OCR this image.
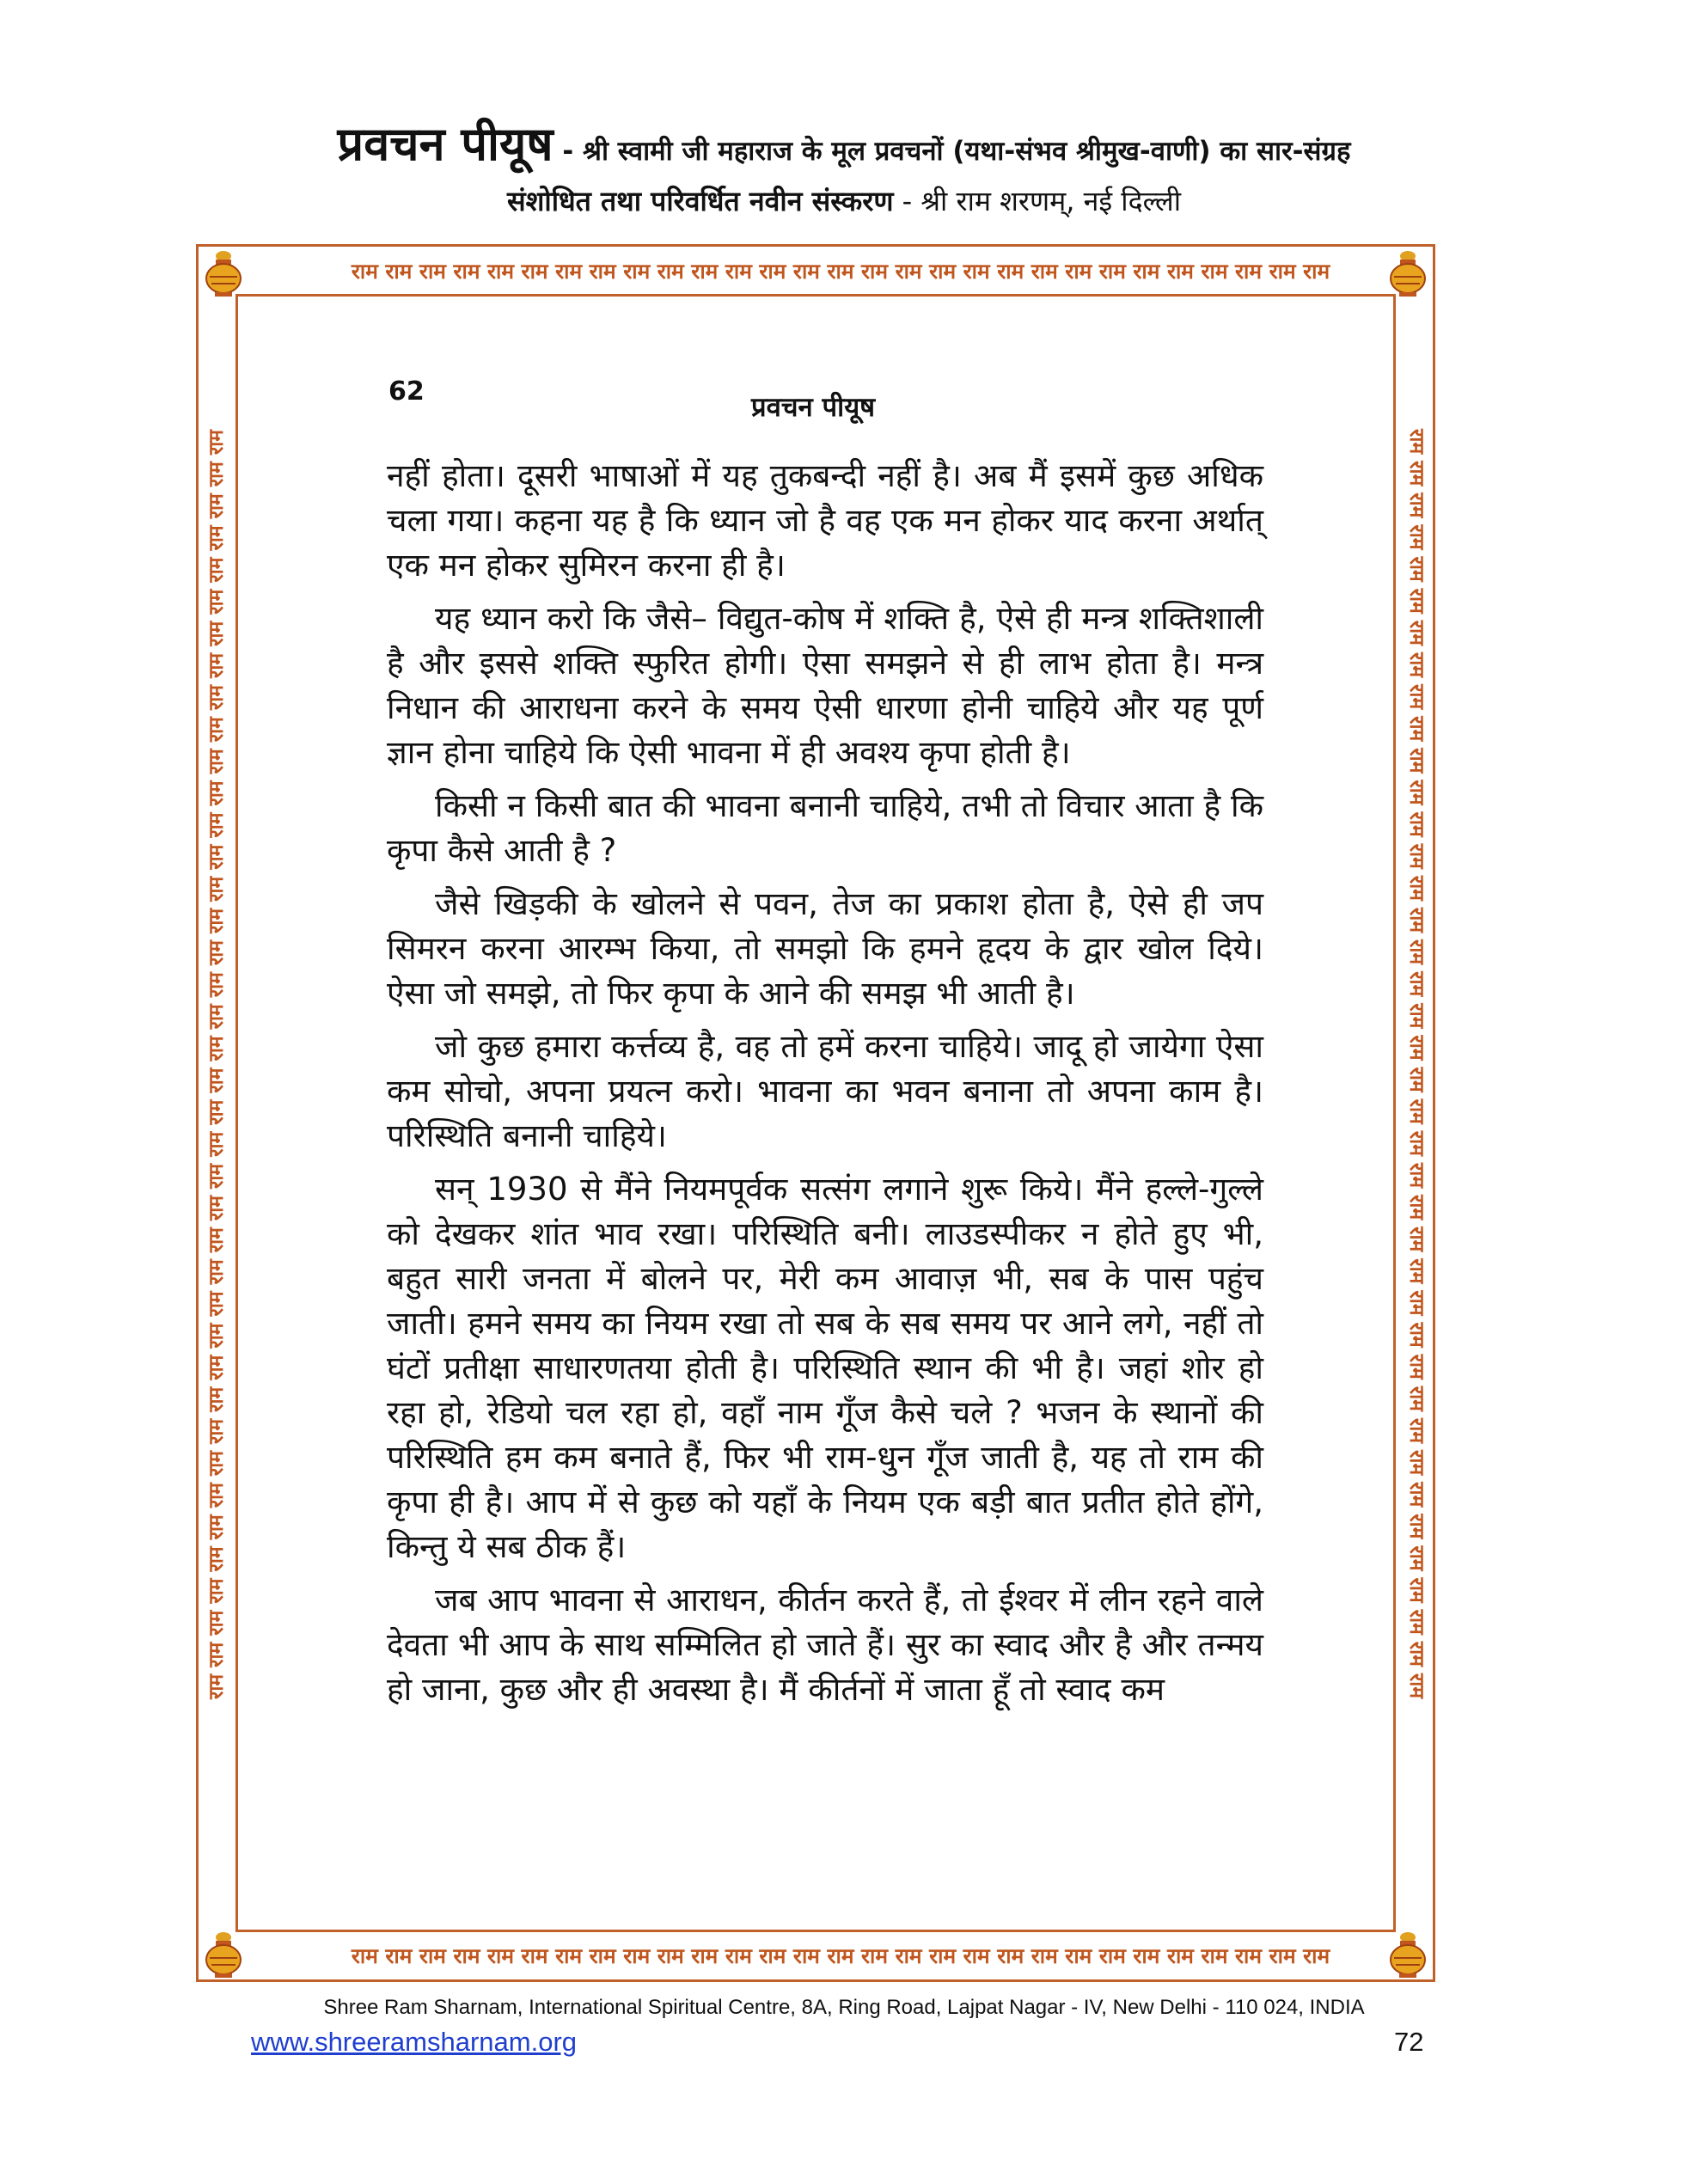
प्रवचन पीयूष - श्री स्वामी जी महाराज के मूल प्रवचनों (यथा-संभव श्रीमुख-वाणी) का सार-संग्रह
संशोधित तथा परिवर्धित नवीन संस्करण - श्री राम शरणम्, नई दिल्ली
राम राम राम राम राम राम राम राम राम राम राम राम राम राम राम राम राम राम राम राम राम राम राम राम राम राम राम राम राम
राम राम राम राम राम राम राम राम राम राम राम राम राम राम राम राम राम राम राम राम राम राम राम राम राम राम राम राम राम
राम राम राम राम राम राम राम राम राम राम राम राम राम राम राम राम राम राम राम राम राम राम राम राम राम राम राम राम राम राम राम राम राम राम राम राम राम राम राम राम	राम राम राम राम राम राम राम राम राम राम राम राम राम राम राम राम राम राम राम राम राम राम राम राम राम राम राम राम राम राम राम राम राम राम राम राम राम राम राम राम
62
प्रवचन पीयूष

नहीं होता। दूसरी भाषाओं में यह तुकबन्दी नहीं है। अब मैं इसमें कुछ अधिक चला गया। कहना यह है कि ध्यान जो है वह एक मन होकर याद करना अर्थात् एक मन होकर सुमिरन करना ही है।

यह ध्यान करो कि जैसे– विद्युत-कोष में शक्ति है, ऐसे ही मन्त्र शक्तिशाली है और इससे शक्ति स्फुरित होगी। ऐसा समझने से ही लाभ होता है। मन्त्र निधान की आराधना करने के समय ऐसी धारणा होनी चाहिये और यह पूर्ण ज्ञान होना चाहिये कि ऐसी भावना में ही अवश्य कृपा होती है।

किसी न किसी बात की भावना बनानी चाहिये, तभी तो विचार आता है कि कृपा कैसे आती है ?

जैसे खिड़की के खोलने से पवन, तेज का प्रकाश होता है, ऐसे ही जप सिमरन करना आरम्भ किया, तो समझो कि हमने हृदय के द्वार खोल दिये। ऐसा जो समझे, तो फिर कृपा के आने की समझ भी आती है।

जो कुछ हमारा कर्त्तव्य है, वह तो हमें करना चाहिये। जादू हो जायेगा ऐसा कम सोचो, अपना प्रयत्न करो। भावना का भवन बनाना तो अपना काम है। परिस्थिति बनानी चाहिये।

सन् 1930 से मैंने नियमपूर्वक सत्संग लगाने शुरू किये। मैंने हल्ले-गुल्ले को देखकर शांत भाव रखा। परिस्थिति बनी। लाउडस्पीकर न होते हुए भी, बहुत सारी जनता में बोलने पर, मेरी कम आवाज़ भी, सब के पास पहुंच जाती। हमने समय का नियम रखा तो सब के सब समय पर आने लगे, नहीं तो घंटों प्रतीक्षा साधारणतया होती है। परिस्थिति स्थान की भी है। जहां शोर हो रहा हो, रेडियो चल रहा हो, वहाँ नाम गूँज कैसे चले ? भजन के स्थानों की परिस्थिति हम कम बनाते हैं, फिर भी राम-धुन गूँज जाती है, यह तो राम की कृपा ही है। आप में से कुछ को यहाँ के नियम एक बड़ी बात प्रतीत होते होंगे, किन्तु ये सब ठीक हैं।

जब आप भावना से आराधन, कीर्तन करते हैं, तो ईश्वर में लीन रहने वाले देवता भी आप के साथ सम्मिलित हो जाते हैं। सुर का स्वाद और है और तन्मय हो जाना, कुछ और ही अवस्था है। मैं कीर्तनों में जाता हूँ तो स्वाद कम

Shree Ram Sharnam, International Spiritual Centre, 8A, Ring Road, Lajpat Nagar - IV, New Delhi - 110 024, INDIA
www.shreeramsharnam.org	72
